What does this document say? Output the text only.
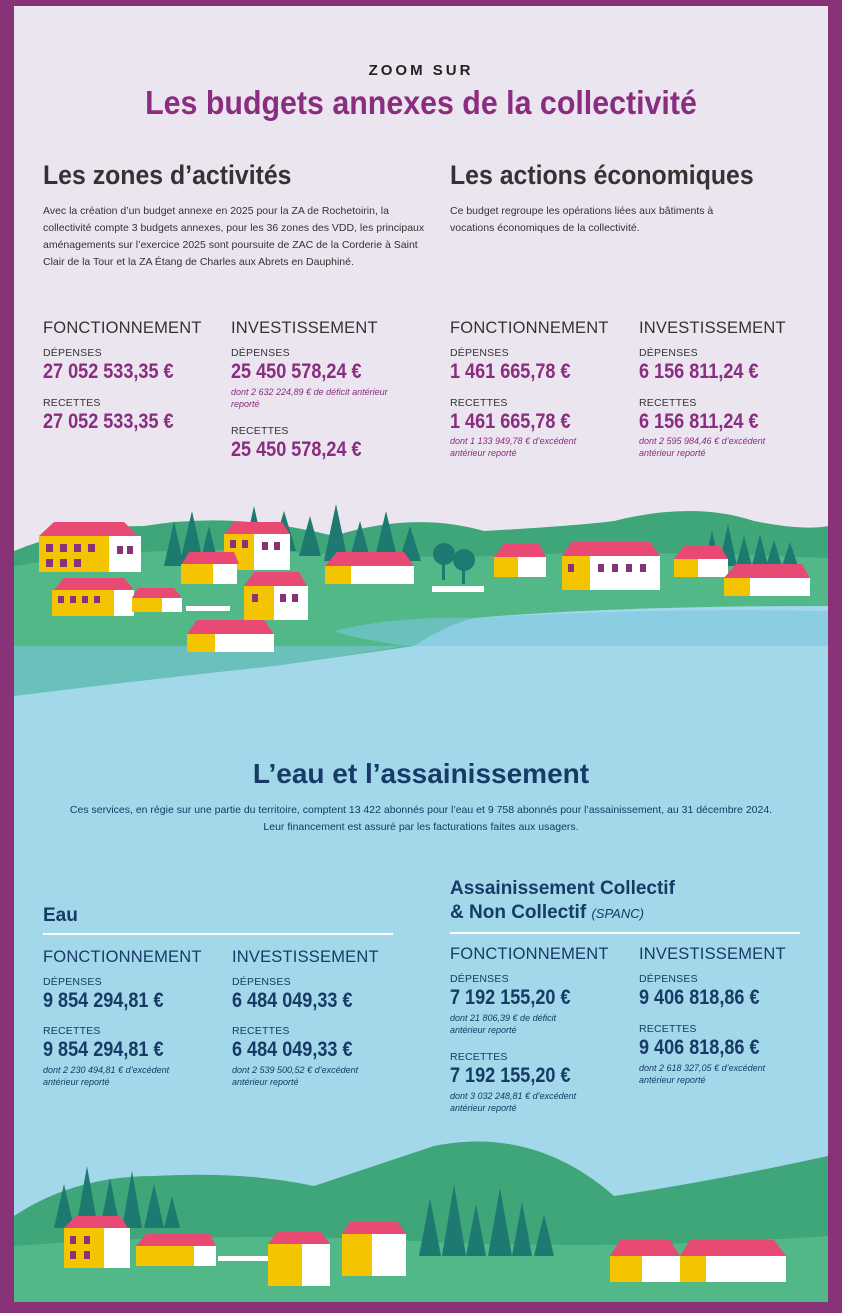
ZOOM SUR
Les budgets annexes de la collectivité
Les zones d’activités
Avec la création d’un budget annexe en 2025 pour la ZA de Rochetoirin, la collectivité compte 3 budgets annexes, pour les 36 zones des VDD, les principaux aménagements sur l’exercice 2025 sont poursuite de ZAC de la Corderie à Saint Clair de la Tour et la ZA Étang de Charles aux Abrets en Dauphiné.
FONCTIONNEMENT
DÉPENSES
27 052 533,35 €
RECETTES
27 052 533,35 €
INVESTISSEMENT
DÉPENSES
25 450 578,24 €
dont 2 632 224,89 € de déficit antérieur reporté
RECETTES
25 450 578,24 €
Les actions économiques
Ce budget regroupe les opérations liées aux bâtiments à vocations économiques de la collectivité.
FONCTIONNEMENT
DÉPENSES
1 461 665,78 €
RECETTES
1 461 665,78 €
dont 1 133 949,78 € d’excédent antérieur reporté
INVESTISSEMENT
DÉPENSES
6 156 811,24 €
RECETTES
6 156 811,24 €
dont 2 595 984,46 € d’excédent antérieur reporté
L’eau et l’assainissement
Ces services, en régie sur une partie du territoire, comptent 13 422 abonnés pour l’eau et 9 758 abonnés pour l’assainissement, au 31 décembre 2024.
Leur financement est assuré par les facturations faites aux usagers.
Eau
FONCTIONNEMENT
DÉPENSES
9 854 294,81 €
RECETTES
9 854 294,81 €
dont 2 230 494,81 € d’excédent antérieur reporté
INVESTISSEMENT
DÉPENSES
6 484 049,33 €
RECETTES
6 484 049,33 €
dont 2 539 500,52 € d’excédent antérieur reporté
Assainissement Collectif
& Non Collectif (SPANC)
FONCTIONNEMENT
DÉPENSES
7 192 155,20 €
dont 21 806,39 € de déficit antérieur reporté
RECETTES
7 192 155,20 €
dont 3 032 248,81 € d’excédent antérieur reporté
INVESTISSEMENT
DÉPENSES
9 406 818,86 €
RECETTES
9 406 818,86 €
dont 2 618 327,05 € d’excédent antérieur reporté
